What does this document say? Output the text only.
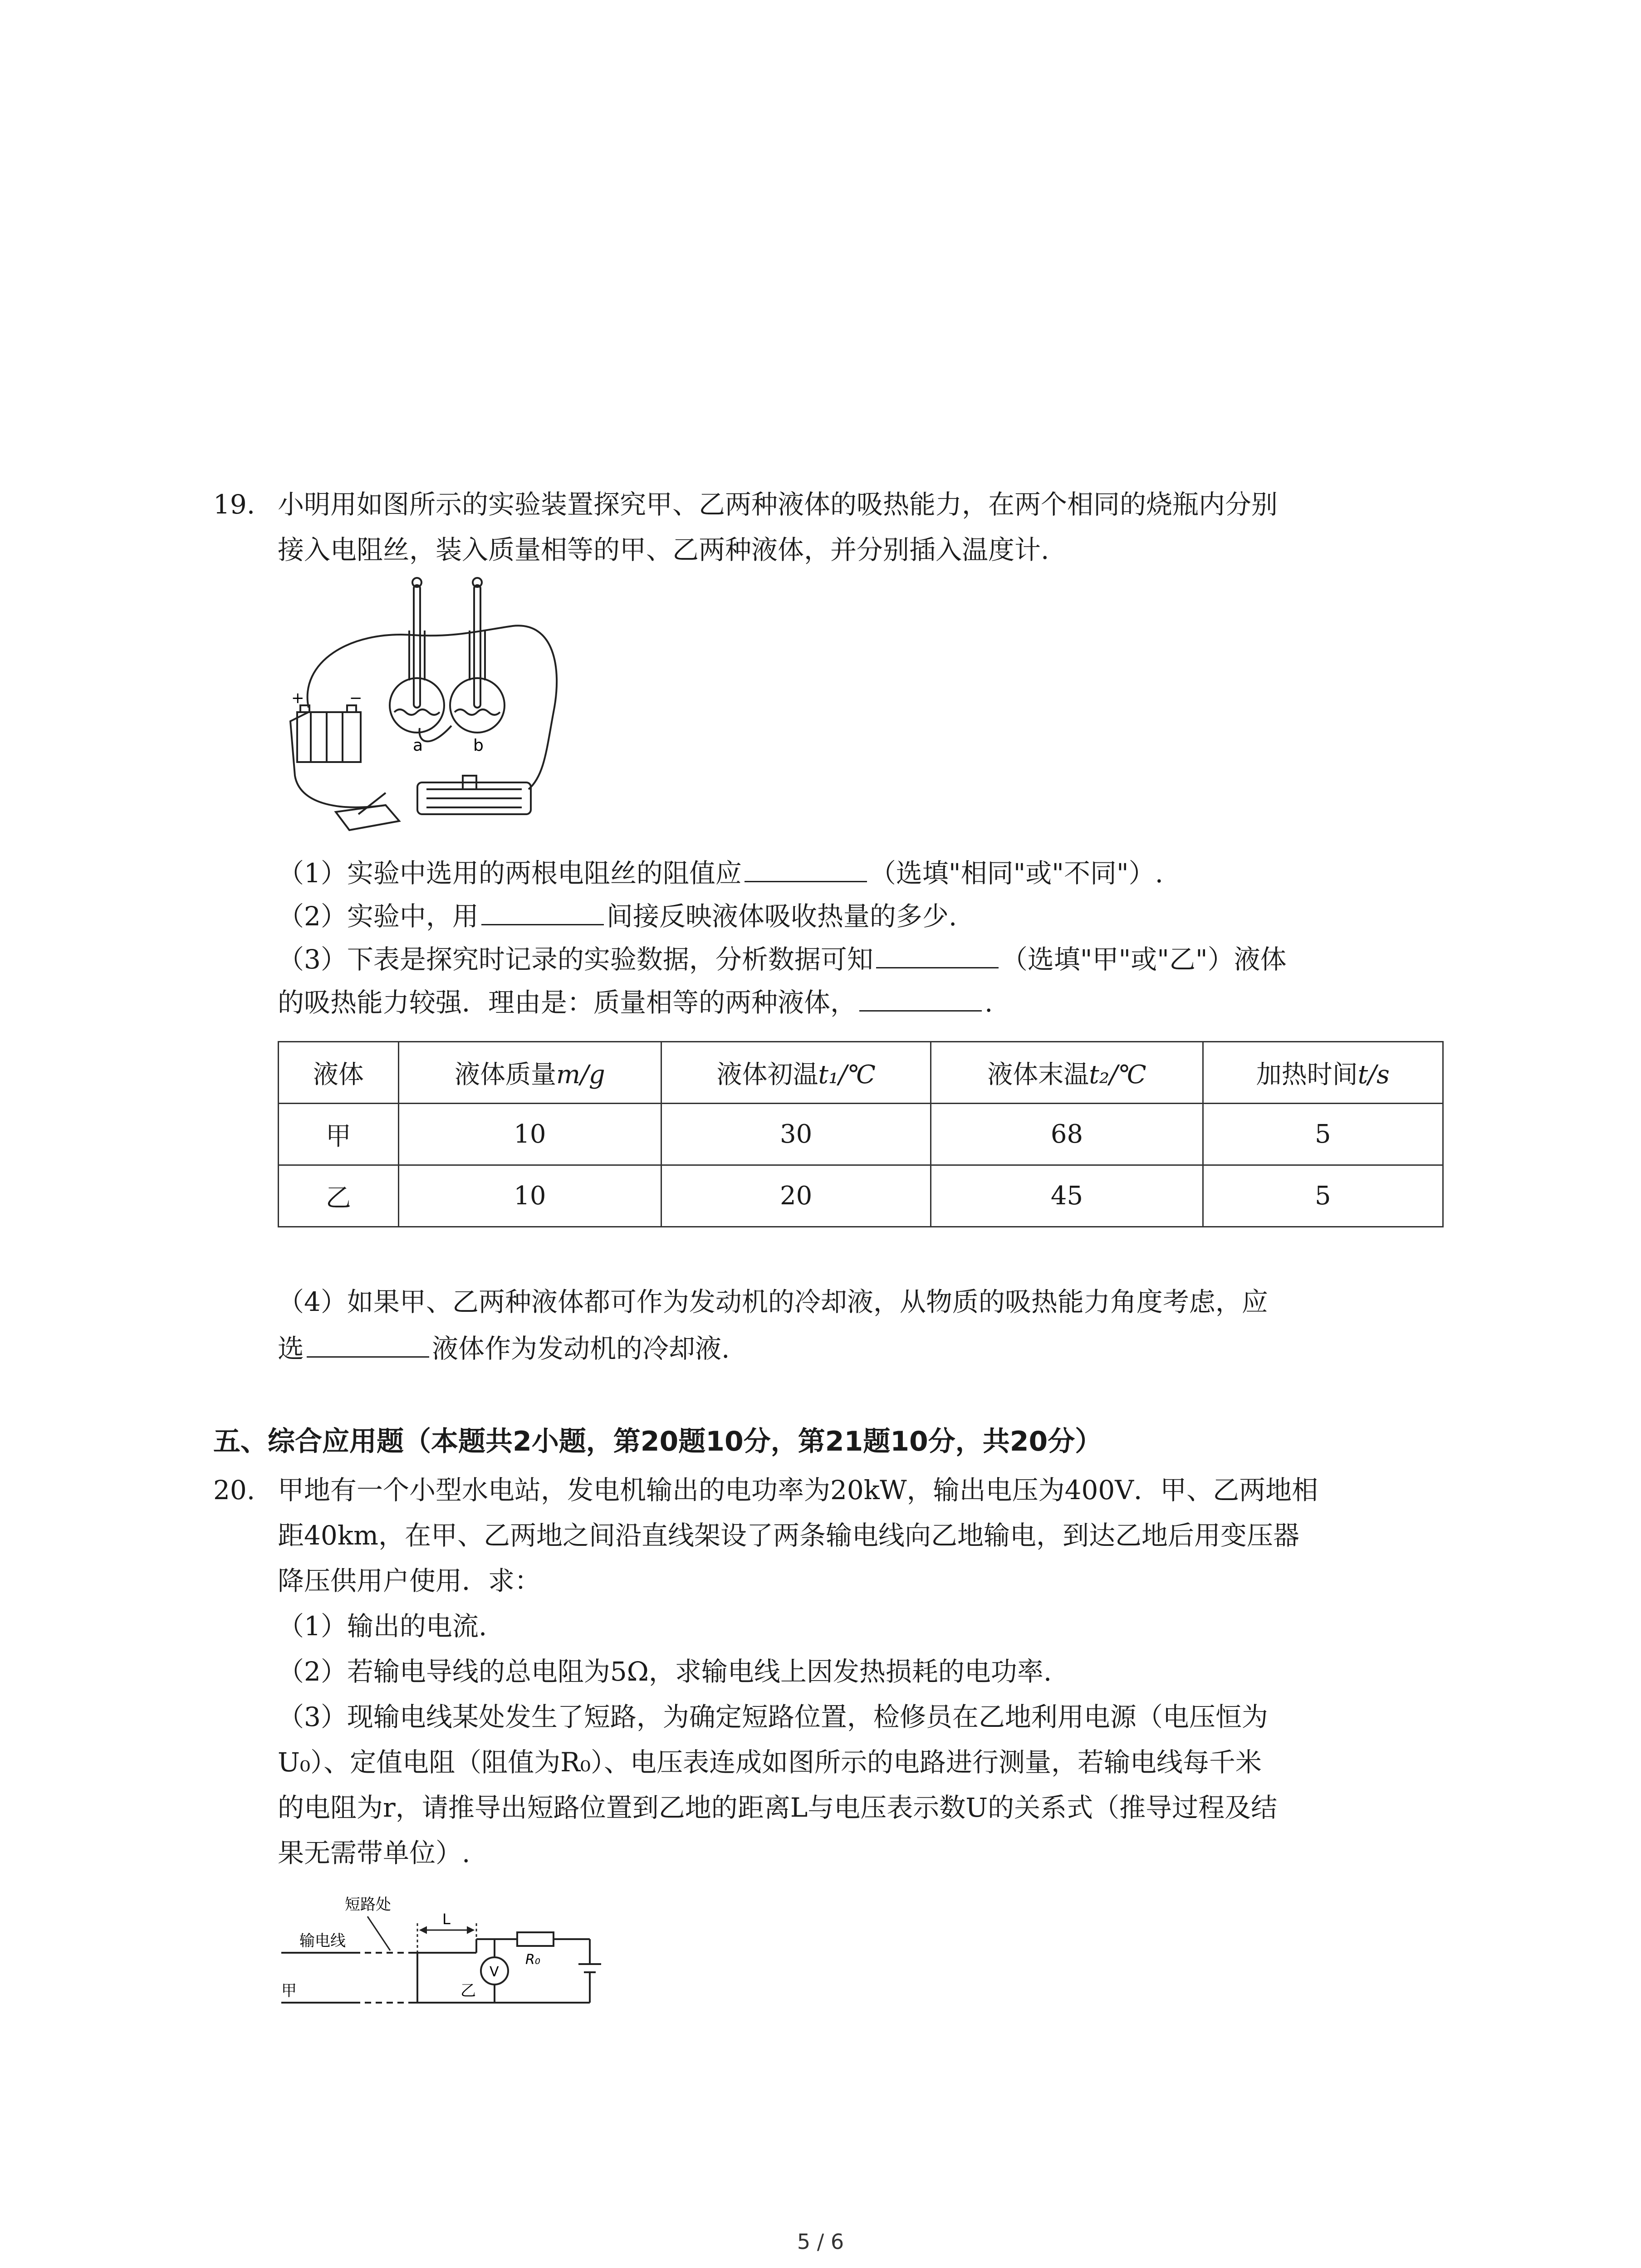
19. 小明用如图所示的实验装置探究甲、乙两种液体的吸热能力，在两个相同的烧瓶内分别
接入电阻丝，装入质量相等的甲、乙两种液体，并分别插入温度计.
+	−
a	b
（1）实验中选用的两根电阻丝的阻值应	（选填"相同"或"不同"）.
（2）实验中，用	间接反映液体吸收热量的多少.
（3）下表是探究时记录的实验数据，分析数据可知	（选填"甲"或"乙"）液体
的吸热能力较强．理由是：质量相等的两种液体，	.
液体	液体质量m/g	液体初温t₁/℃	液体末温t₂/℃	加热时间t/s
甲	10	30	68	5
乙	10	20	45	5
（4）如果甲、乙两种液体都可作为发动机的冷却液，从物质的吸热能力角度考虑，应
选	液体作为发动机的冷却液.
五、综合应用题（本题共2小题，第20题10分，第21题10分，共20分）
20. 甲地有一个小型水电站，发电机输出的电功率为20kW，输出电压为400V．甲、乙两地相
距40km，在甲、乙两地之间沿直线架设了两条输电线向乙地输电，到达乙地后用变压器
降压供用户使用．求：
（1）输出的电流.
（2）若输电导线的总电阻为5Ω，求输电线上因发热损耗的电功率.
（3）现输电线某处发生了短路，为确定短路位置，检修员在乙地利用电源（电压恒为
U₀）、定值电阻（阻值为R₀）、电压表连成如图所示的电路进行测量，若输电线每千米
的电阻为r，请推导出短路位置到乙地的距离L与电压表示数U的关系式（推导过程及结
果无需带单位）.
短路处
输电线
甲	乙
L
V
R₀
5 / 6
